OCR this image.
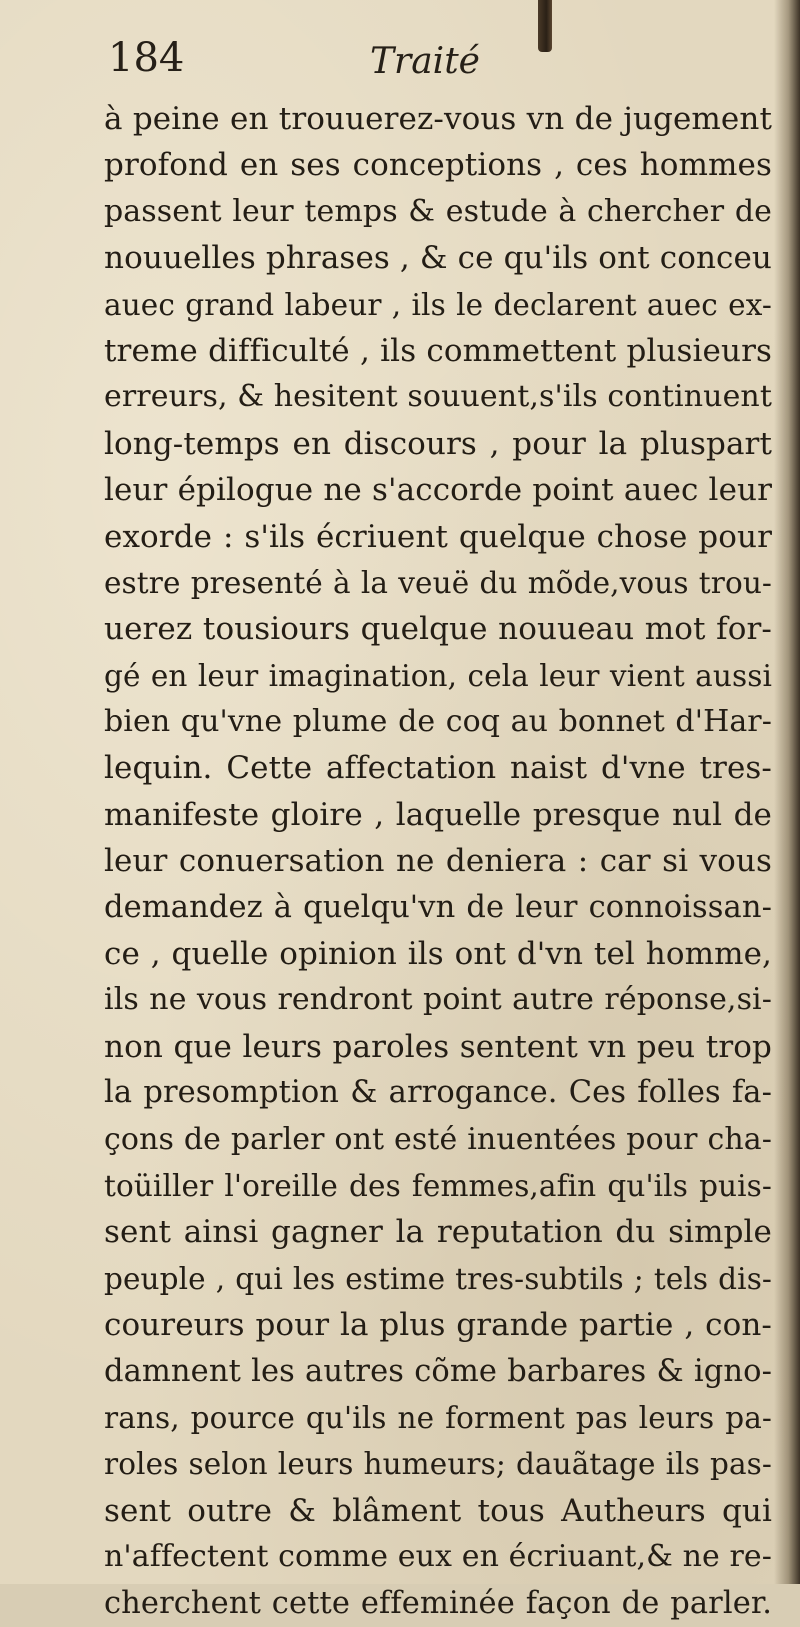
184	Traité
à peine en trouuerez-vous vn de jugement
profond en ses conceptions , ces hommes
passent leur temps & estude à chercher de
nouuelles phrases , & ce qu'ils ont conceu
auec grand labeur , ils le declarent auec ex-
treme difficulté , ils commettent plusieurs
erreurs, & hesitent souuent,s'ils continuent
long-temps en discours , pour la pluspart
leur épilogue ne s'accorde point auec leur
exorde : s'ils écriuent quelque chose pour
estre presenté à la veuë du mõde,vous trou-
uerez tousiours quelque nouueau mot for-
gé en leur imagination, cela leur vient aussi
bien qu'vne plume de coq au bonnet d'Har-
lequin. Cette affectation naist d'vne tres-
manifeste gloire , laquelle presque nul de
leur conuersation ne deniera : car si vous
demandez à quelqu'vn de leur connoissan-
ce , quelle opinion ils ont d'vn tel homme,
ils ne vous rendront point autre réponse,si-
non que leurs paroles sentent vn peu trop
la presomption & arrogance. Ces folles fa-
çons de parler ont esté inuentées pour cha-
toüiller l'oreille des femmes,afin qu'ils puis-
sent ainsi gagner la reputation du simple
peuple , qui les estime tres-subtils ; tels dis-
coureurs pour la plus grande partie , con-
damnent les autres cõme barbares & igno-
rans, pource qu'ils ne forment pas leurs pa-
roles selon leurs humeurs; dauãtage ils pas-
sent outre & blâment tous Autheurs qui
n'affectent comme eux en écriuant,& ne re-
cherchent cette effeminée façon de parler.
